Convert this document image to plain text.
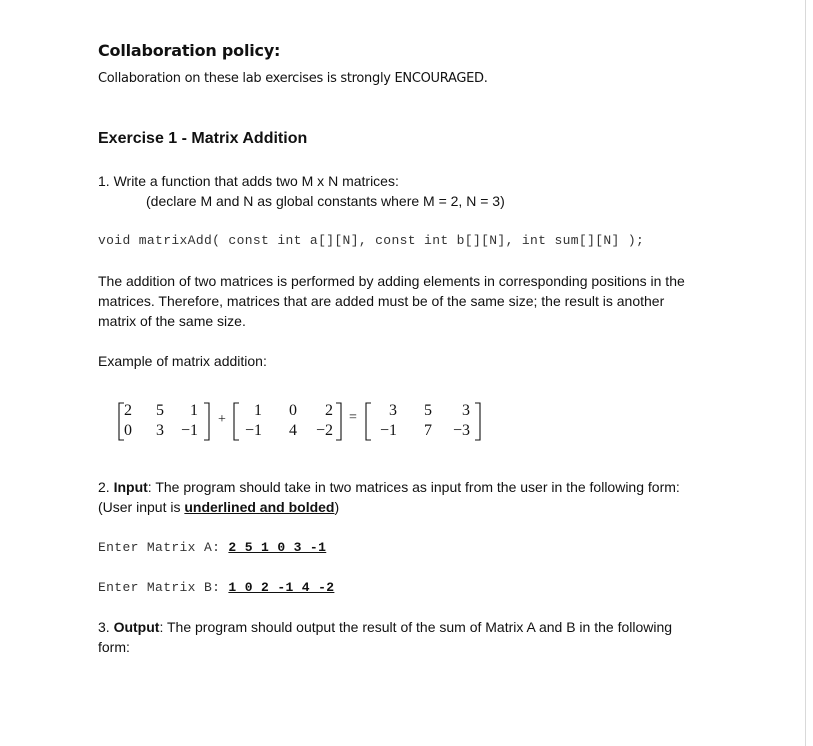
Collaboration policy:
Collaboration on these lab exercises is strongly ENCOURAGED.
Exercise 1 - Matrix Addition
1. Write a function that adds two M x N matrices:
(declare M and N as global constants where M = 2, N = 3)
void matrixAdd( const int a[][N], const int b[][N], int sum[][N] );
The addition of two matrices is performed by adding elements in corresponding positions in the
matrices. Therefore, matrices that are added must be of the same size; the result is another
matrix of the same size.
Example of matrix addition:
2	5	1
0	3	−1
+
1	0	2
−1	4	−2
=	3	5	3
−1	7	−3
2. Input: The program should take in two matrices as input from the user in the following form:
(User input is underlined and bolded)
Enter Matrix A: 2 5 1 0 3 -1
Enter Matrix B: 1 0 2 -1 4 -2
3. Output: The program should output the result of the sum of Matrix A and B in the following
form:
